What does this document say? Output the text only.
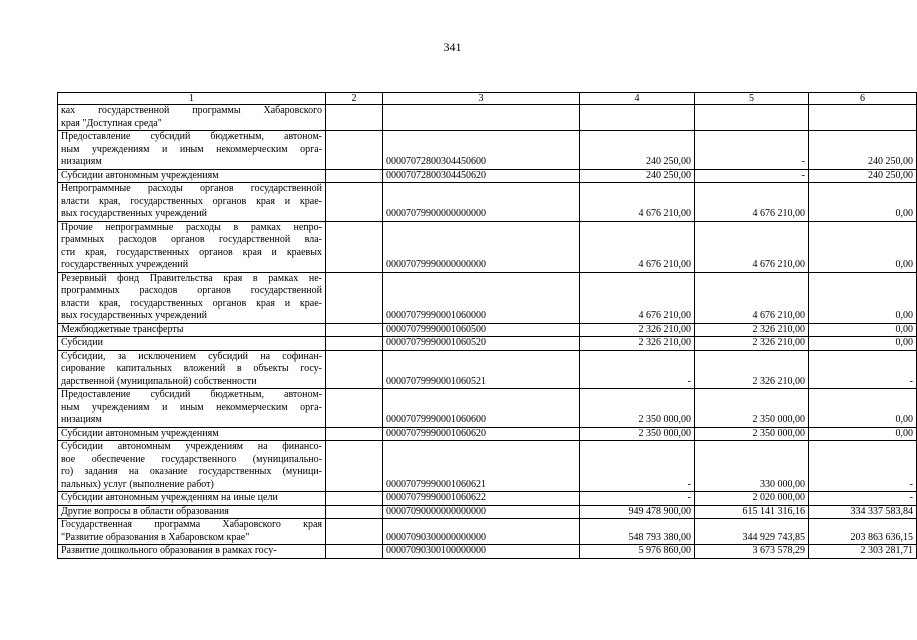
341
1	2	3	4	5	6

ках государственной программы Хабаровского
края "Доступная среда"					

Предоставление субсидий бюджетным, автоном-
ным учреждениям и иным некоммерческим орга-
низациям		00007072800304450600	240 250,00	-	240 250,00

Субсидии автономным учреждениям		00007072800304450620	240 250,00	-	240 250,00

Непрограммные расходы органов государственной
власти края, государственных органов края и крае-
вых государственных учреждений		00007079900000000000	4 676 210,00	4 676 210,00	0,00

Прочие непрограммные расходы в рамках непро-
граммных расходов органов государственной вла-
сти края, государственных органов края и краевых
государственных учреждений		00007079990000000000	4 676 210,00	4 676 210,00	0,00

Резервный фонд Правительства края в рамках не-
программных расходов органов государственной
власти края, государственных органов края и крае-
вых государственных учреждений		00007079990001060000	4 676 210,00	4 676 210,00	0,00

Межбюджетные трансферты		00007079990001060500	2 326 210,00	2 326 210,00	0,00

Субсидии		00007079990001060520	2 326 210,00	2 326 210,00	0,00

Субсидии, за исключением субсидий на софинан-
сирование капитальных вложений в объекты госу-
дарственной (муниципальной) собственности		00007079990001060521	-	2 326 210,00	-

Предоставление субсидий бюджетным, автоном-
ным учреждениям и иным некоммерческим орга-
низациям		00007079990001060600	2 350 000,00	2 350 000,00	0,00

Субсидии автономным учреждениям		00007079990001060620	2 350 000,00	2 350 000,00	0,00

Субсидии автономным учреждениям на финансо-
вое обеспечение государственного (муниципально-
го) задания на оказание государственных (муници-
пальных) услуг (выполнение работ)		00007079990001060621	-	330 000,00	-

Субсидии автономным учреждениям на иные цели		00007079990001060622	-	2 020 000,00	-

Другие вопросы в области образования		00007090000000000000	949 478 900,00	615 141 316,16	334 337 583,84

Государственная программа Хабаровского края
"Развитие образования в Хабаровском крае"		00007090300000000000	548 793 380,00	344 929 743,85	203 863 636,15

Развитие дошкольного образования в рамках госу-		00007090300100000000	5 976 860,00	3 673 578,29	2 303 281,71
